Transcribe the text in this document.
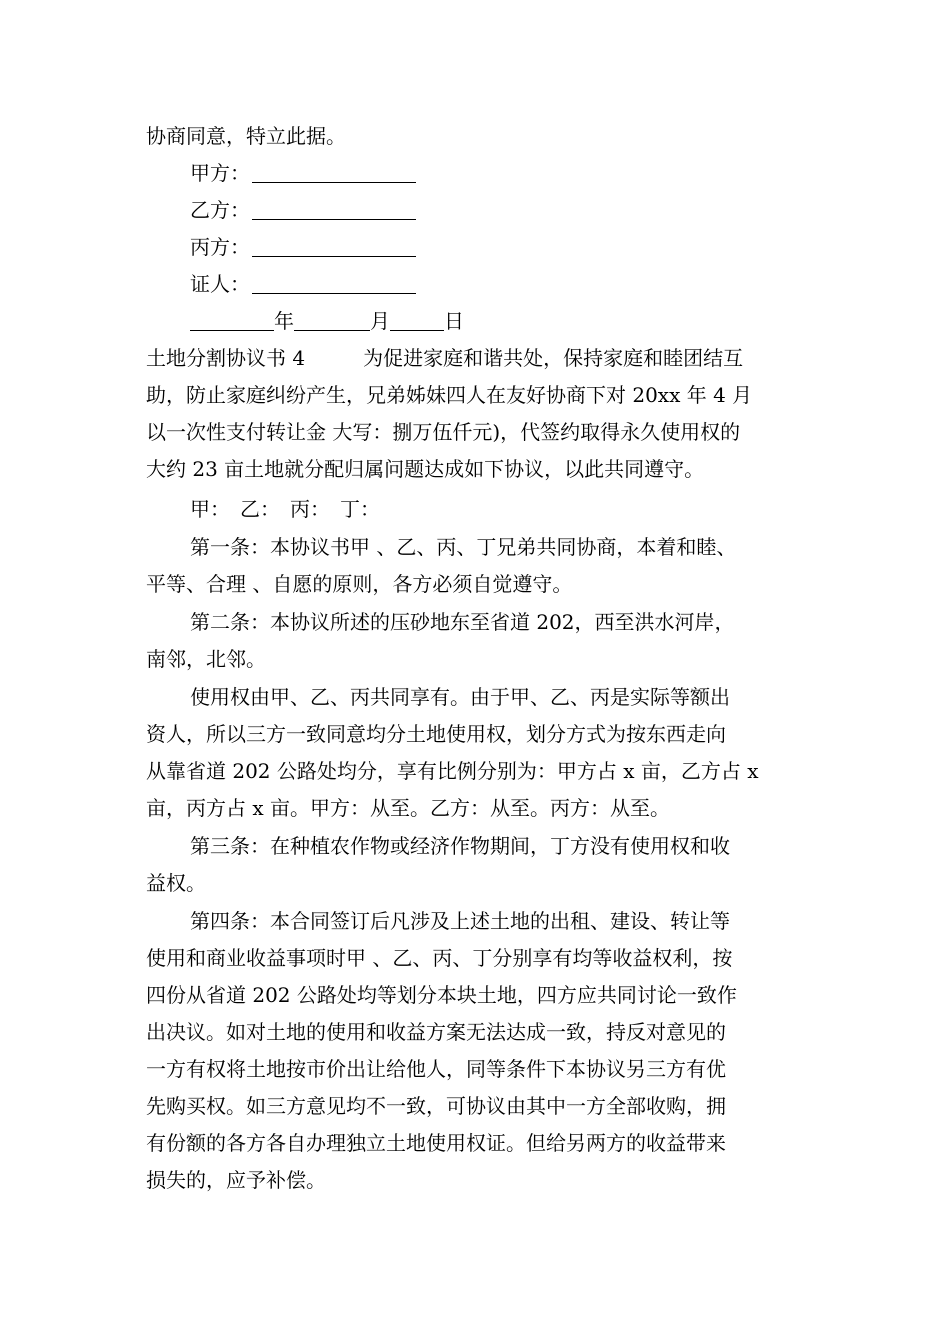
协商同意，特立此据。
甲方：
乙方：
丙方：
证人：
年	月	日
土地分割协议书 4	为促进家庭和谐共处，保持家庭和睦团结互
助，防止家庭纠纷产生，兄弟姊妹四人在友好协商下对 20xx 年 4 月
以一次性支付转让金 大写：捌万伍仟元)，代签约取得永久使用权的
大约 23 亩土地就分配归属问题达成如下协议，以此共同遵守。
甲： 乙： 丙： 丁：
第一条：本协议书甲 、乙、丙、丁兄弟共同协商，本着和睦、
平等、合理 、自愿的原则，各方必须自觉遵守。
第二条：本协议所述的压砂地东至省道 202，西至洪水河岸，
南邻，北邻。
使用权由甲、乙、丙共同享有。由于甲、乙、丙是实际等额出
资人，所以三方一致同意均分土地使用权，划分方式为按东西走向
从靠省道 202 公路处均分，享有比例分别为：甲方占 x 亩，乙方占 x
亩，丙方占 x 亩。甲方：从至。乙方：从至。丙方：从至。
第三条：在种植农作物或经济作物期间，丁方没有使用权和收
益权。
第四条：本合同签订后凡涉及上述土地的出租、建设、转让等
使用和商业收益事项时甲 、乙、丙、丁分别享有均等收益权利，按
四份从省道 202 公路处均等划分本块土地，四方应共同讨论一致作
出决议。如对土地的使用和收益方案无法达成一致，持反对意见的
一方有权将土地按市价出让给他人，同等条件下本协议另三方有优
先购买权。如三方意见均不一致，可协议由其中一方全部收购，拥
有份额的各方各自办理独立土地使用权证。但给另两方的收益带来
损失的，应予补偿。
